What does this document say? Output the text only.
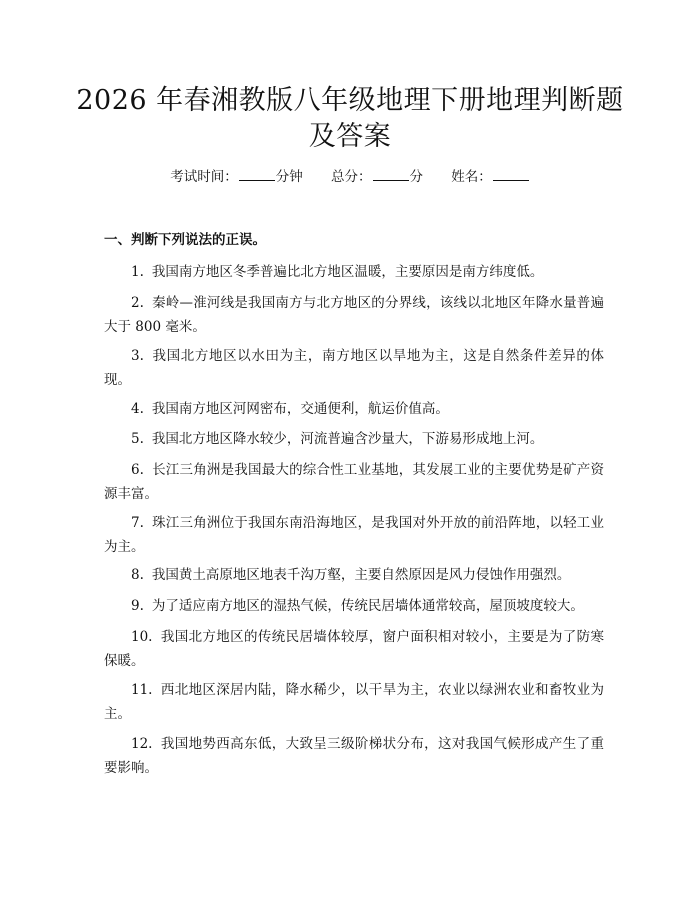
2026 年春湘教版八年级地理下册地理判断题
及答案
考试时间：	分钟 总分：	分 姓名：
一、判断下列说法的正误。
1. 我国南方地区冬季普遍比北方地区温暖，主要原因是南方纬度低。
2. 秦岭—淮河线是我国南方与北方地区的分界线，该线以北地区年降水量普遍大于 800 毫米。
3. 我国北方地区以水田为主，南方地区以旱地为主，这是自然条件差异的体现。
4. 我国南方地区河网密布，交通便利，航运价值高。
5. 我国北方地区降水较少，河流普遍含沙量大，下游易形成地上河。
6. 长江三角洲是我国最大的综合性工业基地，其发展工业的主要优势是矿产资源丰富。
7. 珠江三角洲位于我国东南沿海地区，是我国对外开放的前沿阵地，以轻工业为主。
8. 我国黄土高原地区地表千沟万壑，主要自然原因是风力侵蚀作用强烈。
9. 为了适应南方地区的湿热气候，传统民居墙体通常较高，屋顶坡度较大。
10. 我国北方地区的传统民居墙体较厚，窗户面积相对较小，主要是为了防寒保暖。
11. 西北地区深居内陆，降水稀少，以干旱为主，农业以绿洲农业和畜牧业为主。
12. 我国地势西高东低，大致呈三级阶梯状分布，这对我国气候形成产生了重要影响。
